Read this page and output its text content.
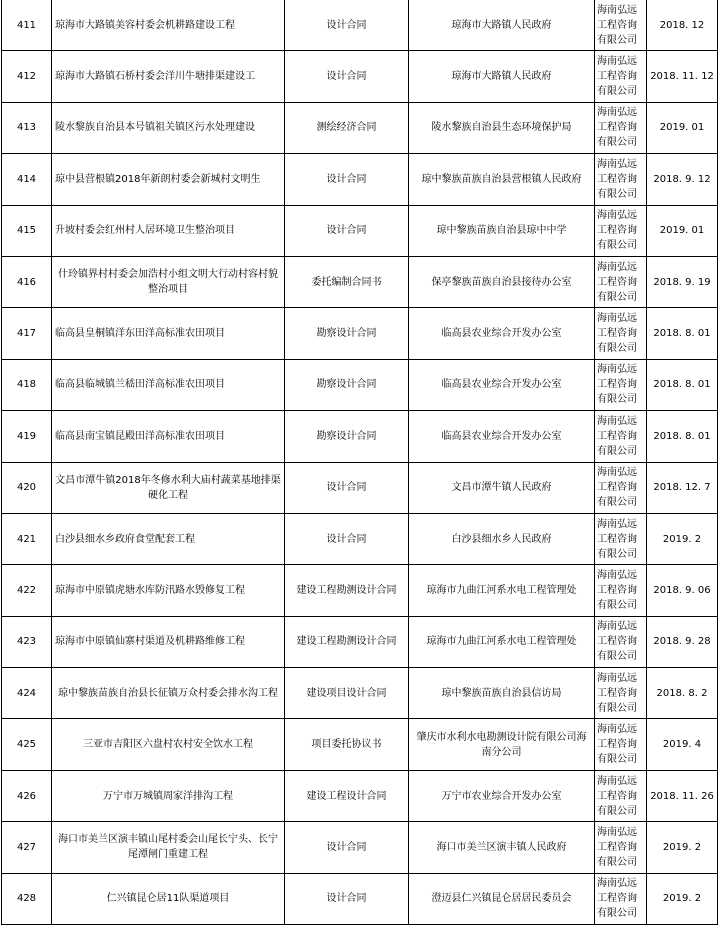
411	琼海市大路镇美容村委会机耕路建设工程	设计合同	琼海市大路镇人民政府	海南弘远工程咨询有限公司	2018. 12
412	琼海市大路镇石桥村委会洋川牛塘排渠建设工	设计合同	琼海市大路镇人民政府	海南弘远工程咨询有限公司	2018. 11. 12
413	陵水黎族自治县本号镇祖关镇区污水处理建设	测绘经济合同	陵水黎族自治县生态环境保护局	海南弘远工程咨询有限公司	2019. 01
414	琼中县营根镇2018年新朗村委会新城村文明生	设计合同	琼中黎族苗族自治县营根镇人民政府	海南弘远工程咨询有限公司	2018. 9. 12
415	升坡村委会红州村人居环境卫生整治项目	设计合同	琼中黎族苗族自治县琼中中学	海南弘远工程咨询有限公司	2019. 01
416	什玲镇界村村委会加浩村小组文明大行动村容村貌整治项目	委托编制合同书	保亭黎族苗族自治县接待办公室	海南弘远工程咨询有限公司	2018. 9. 19
417	临高县皇桐镇洋东田洋高标准农田项目	勘察设计合同	临高县农业综合开发办公室	海南弘远工程咨询有限公司	2018. 8. 01
418	临高县临城镇兰嵇田洋高标准农田项目	勘察设计合同	临高县农业综合开发办公室	海南弘远工程咨询有限公司	2018. 8. 01
419	临高县南宝镇昆殿田洋高标准农田项目	勘察设计合同	临高县农业综合开发办公室	海南弘远工程咨询有限公司	2018. 8. 01
420	文昌市潭牛镇2018年冬修水利大庙村蔬菜基地排渠硬化工程	设计合同	文昌市潭牛镇人民政府	海南弘远工程咨询有限公司	2018. 12. 7
421	白沙县细水乡政府食堂配套工程	设计合同	白沙县细水乡人民政府	海南弘远工程咨询有限公司	2019. 2
422	琼海市中原镇虎塘水库防汛路水毁修复工程	建设工程勘测设计合同	琼海市九曲江河系水电工程管理处	海南弘远工程咨询有限公司	2018. 9. 06
423	琼海市中原镇仙寨村渠道及机耕路维修工程	建设工程勘测设计合同	琼海市九曲江河系水电工程管理处	海南弘远工程咨询有限公司	2018. 9. 28
424	琼中黎族苗族自治县长征镇万众村委会排水沟工程	建设项目设计合同	琼中黎族苗族自治县信访局	海南弘远工程咨询有限公司	2018. 8. 2
425	三亚市吉阳区六盘村农村安全饮水工程	项目委托协议书	肇庆市水利水电勘测设计院有限公司海南分公司	海南弘远工程咨询有限公司	2019. 4
426	万宁市万城镇周家洋排沟工程	建设工程设计合同	万宁市农业综合开发办公室	海南弘远工程咨询有限公司	2018. 11. 26
427	海口市美兰区演丰镇山尾村委会山尾长宁头、长宁尾潭闸门重建工程	设计合同	海口市美兰区演丰镇人民政府	海南弘远工程咨询有限公司	2019. 2
428	仁兴镇昆仑居11队渠道项目	设计合同	澄迈县仁兴镇昆仑居居民委员会	海南弘远工程咨询有限公司	2019. 2
